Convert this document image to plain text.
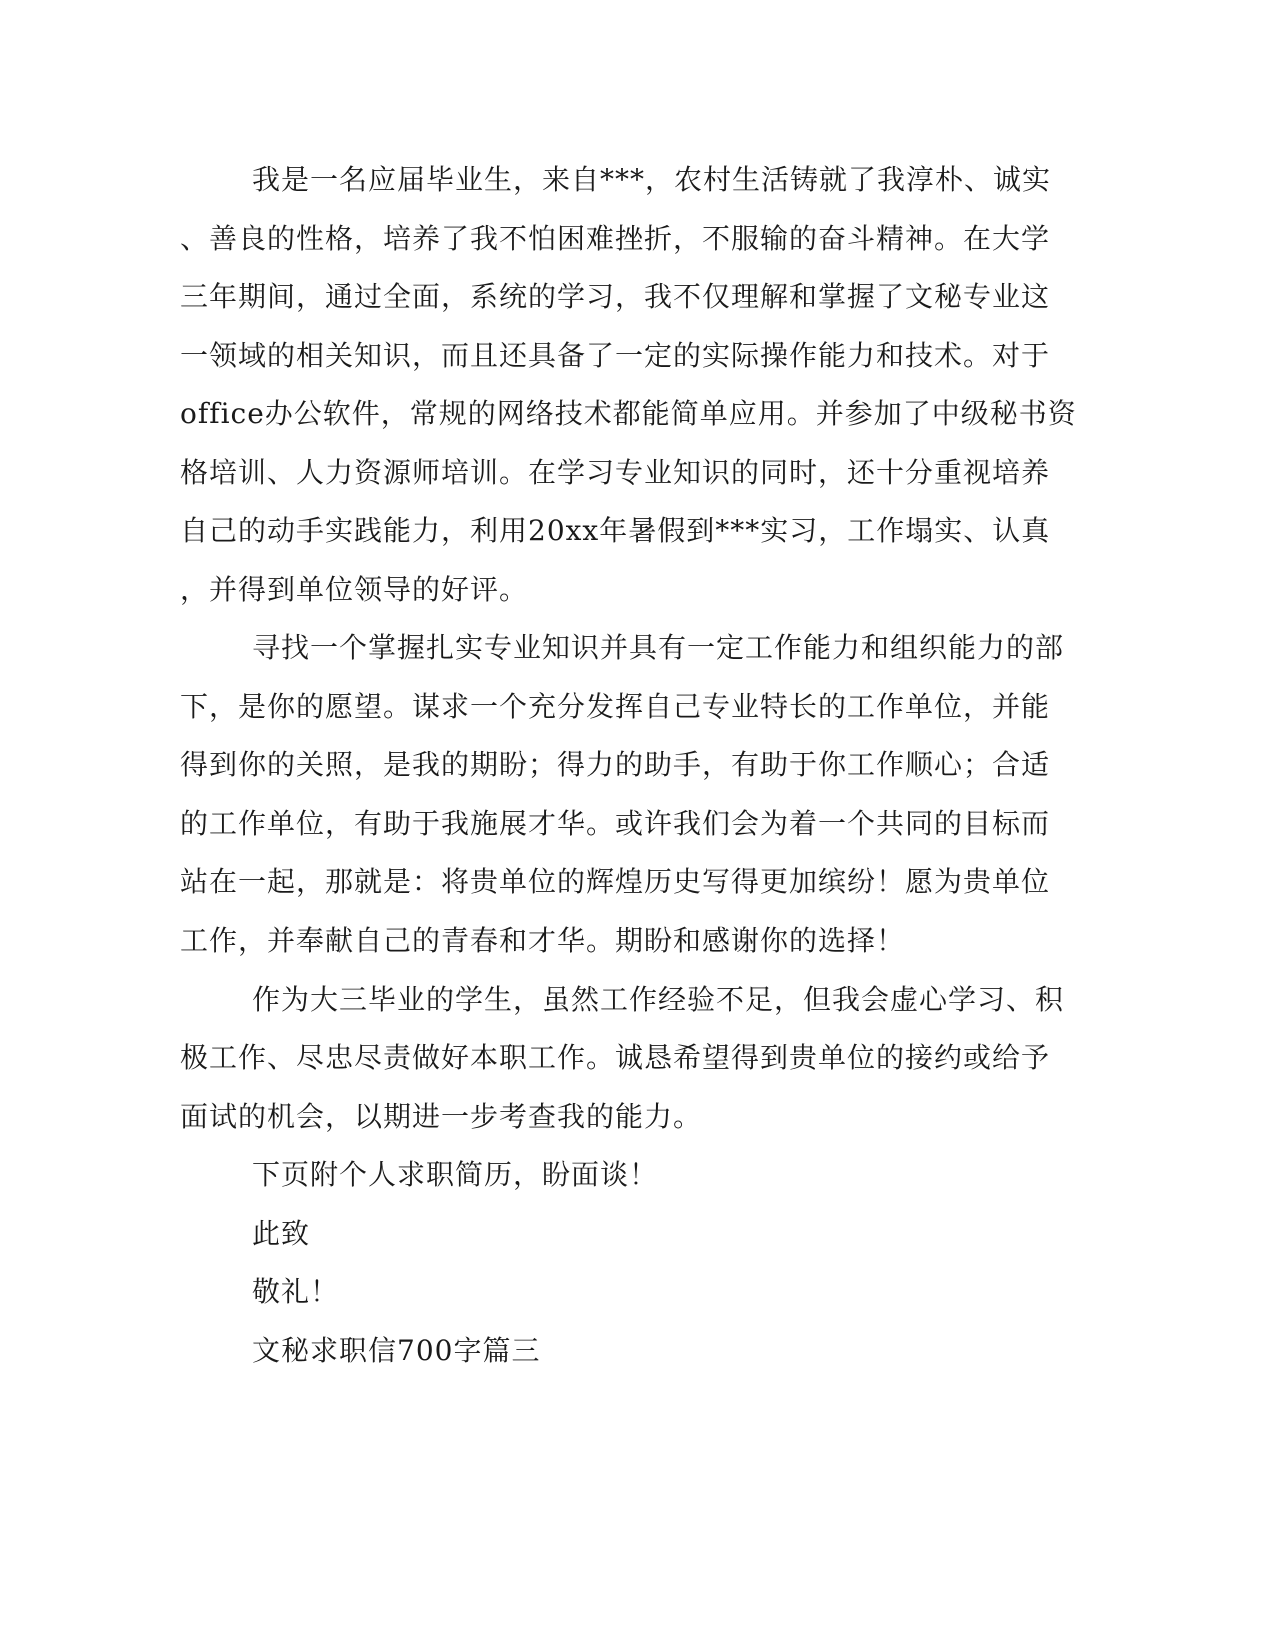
我是一名应届毕业生，来自***，农村生活铸就了我淳朴、诚实
、善良的性格，培养了我不怕困难挫折，不服输的奋斗精神。在大学
三年期间，通过全面，系统的学习，我不仅理解和掌握了文秘专业这
一领域的相关知识，而且还具备了一定的实际操作能力和技术。对于
office办公软件，常规的网络技术都能简单应用。并参加了中级秘书资
格培训、人力资源师培训。在学习专业知识的同时，还十分重视培养
自己的动手实践能力，利用20xx年暑假到***实习，工作塌实、认真
，并得到单位领导的好评。
寻找一个掌握扎实专业知识并具有一定工作能力和组织能力的部
下，是你的愿望。谋求一个充分发挥自己专业特长的工作单位，并能
得到你的关照，是我的期盼；得力的助手，有助于你工作顺心；合适
的工作单位，有助于我施展才华。或许我们会为着一个共同的目标而
站在一起，那就是：将贵单位的辉煌历史写得更加缤纷！愿为贵单位
工作，并奉献自己的青春和才华。期盼和感谢你的选择！
作为大三毕业的学生，虽然工作经验不足，但我会虚心学习、积
极工作、尽忠尽责做好本职工作。诚恳希望得到贵单位的接约或给予
面试的机会，以期进一步考查我的能力。
下页附个人求职简历，盼面谈！
此致
敬礼！
文秘求职信700字篇三
